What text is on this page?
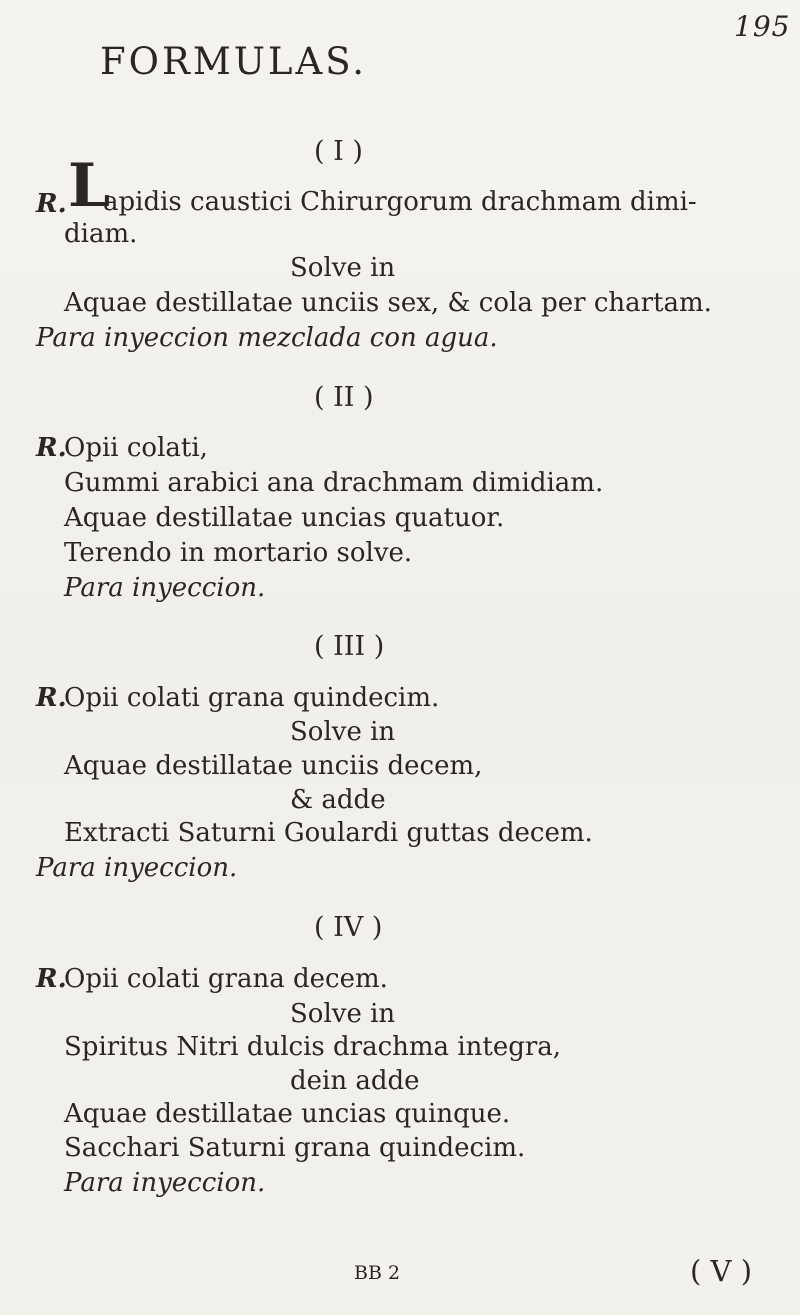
195
FORMULAS.
( I )
R. L
apidis caustici Chirurgorum drachmam dimi-
diam.
Solve in
Aquae destillatae unciis sex, & cola per chartam.
Para inyeccion mezclada con agua.
( II )
R.
Opii colati,
Gummi arabici ana drachmam dimidiam.
Aquae destillatae uncias quatuor.
Terendo in mortario solve.
Para inyeccion.
( III )
R.
Opii colati grana quindecim.
Solve in
Aquae destillatae unciis decem,
& adde
Extracti Saturni Goulardi guttas decem.
Para inyeccion.
( IV )
R.
Opii colati grana decem.
Solve in
Spiritus Nitri dulcis drachma integra,
dein adde
Aquae destillatae uncias quinque.
Sacchari Saturni grana quindecim.
Para inyeccion.
BB 2	( V )
